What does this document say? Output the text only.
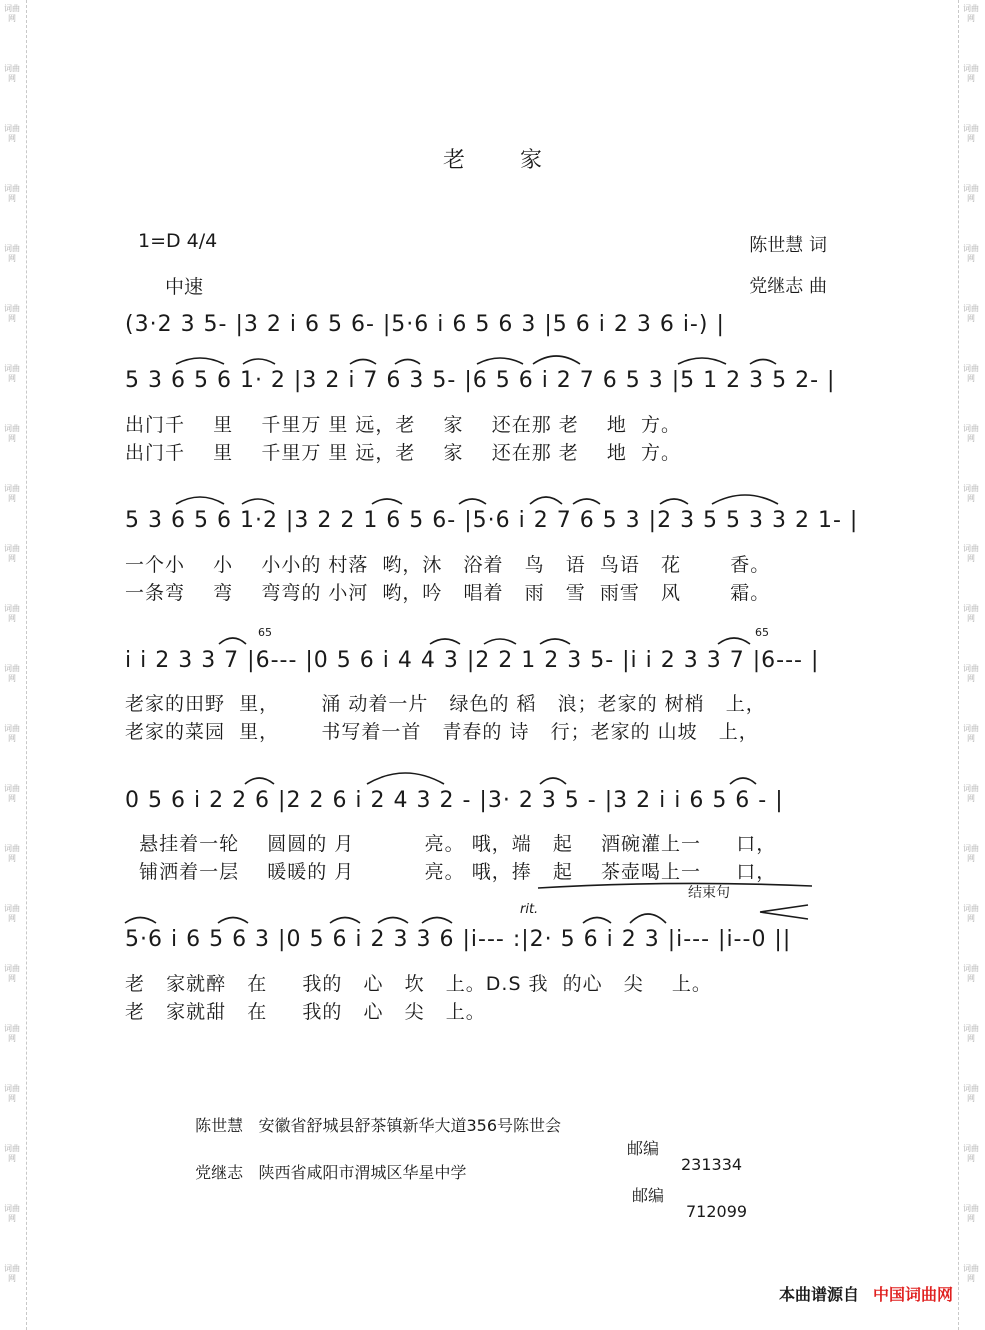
词曲网
词曲网
词曲网
词曲网
词曲网
词曲网
词曲网
词曲网
词曲网
词曲网
词曲网
词曲网
词曲网
词曲网
词曲网
词曲网
词曲网
词曲网
词曲网
词曲网
词曲网
词曲网
词曲网
词曲网
词曲网
词曲网
词曲网
词曲网
词曲网
词曲网
词曲网
词曲网
词曲网
词曲网
词曲网
词曲网
词曲网
词曲网
词曲网
词曲网
词曲网
词曲网
词曲网
词曲网
老 家
1=D 4/4
中速
陈世慧 词
党继志 曲
(3·2 3 5- |3 2 i 6 5 6- |5·6 i 6 5 6 3 |5 6 i 2 3 6 i-) |
5 3 6 5 6 1· 2 |3 2 i 7 6 3 5- |6 5 6 i 2 7 6 5 3 |5 1 2 3 5 2- |
出门千    里    千里万 里 远，老    家    还在那 老    地  方。
出门千    里    千里万 里 远，老    家    还在那 老    地  方。
5 3 6 5 6 1·2 |3 2 2 1 6 5 6- |5·6 i 2 7 6 5 3 |2 3 5 5 3 3 2 1- |
一个小    小    小小的 村落  哟，沐   浴着   鸟   语  鸟语   花       香。
一条弯    弯    弯弯的 小河  哟，吟   唱着   雨   雪  雨雪   风       霜。
i i 2 3 3 7 |6--- |0 5 6 i 4 4 3 |2 2 1 2 3 5- |i i 2 3 3 7 |6--- |
老家的田野  里，      涌 动着一片   绿色的 稻   浪；老家的 树梢   上，
老家的菜园  里，      书写着一首   青春的 诗   行；老家的 山坡   上，
0 5 6 i 2 2 6 |2 2 6 i 2 4 3 2 - |3· 2 3 5 - |3 2 i i 6 5 6 - |
悬挂着一轮    圆圆的 月          亮。 哦，端   起    酒碗灌上一     口，
铺洒着一层    暖暖的 月          亮。 哦，捧   起    茶壶喝上一     口，
5·6 i 6 5 6 3 |0 5 6 i 2 3 3 6 |i--- :|2· 5 6 i 2 3 |i--- |i--0 ||
老   家就醉   在     我的   心   坎   上。D.S 我  的心   尖    上。
老   家就甜   在     我的   心   尖   上。
rit.
结束句
65	65

陈世慧 安徽省舒城县舒茶镇新华大道356号陈世会

邮编

231334

党继志 陕西省咸阳市渭城区华星中学

邮编

712099

本曲谱源自 中国词曲网
